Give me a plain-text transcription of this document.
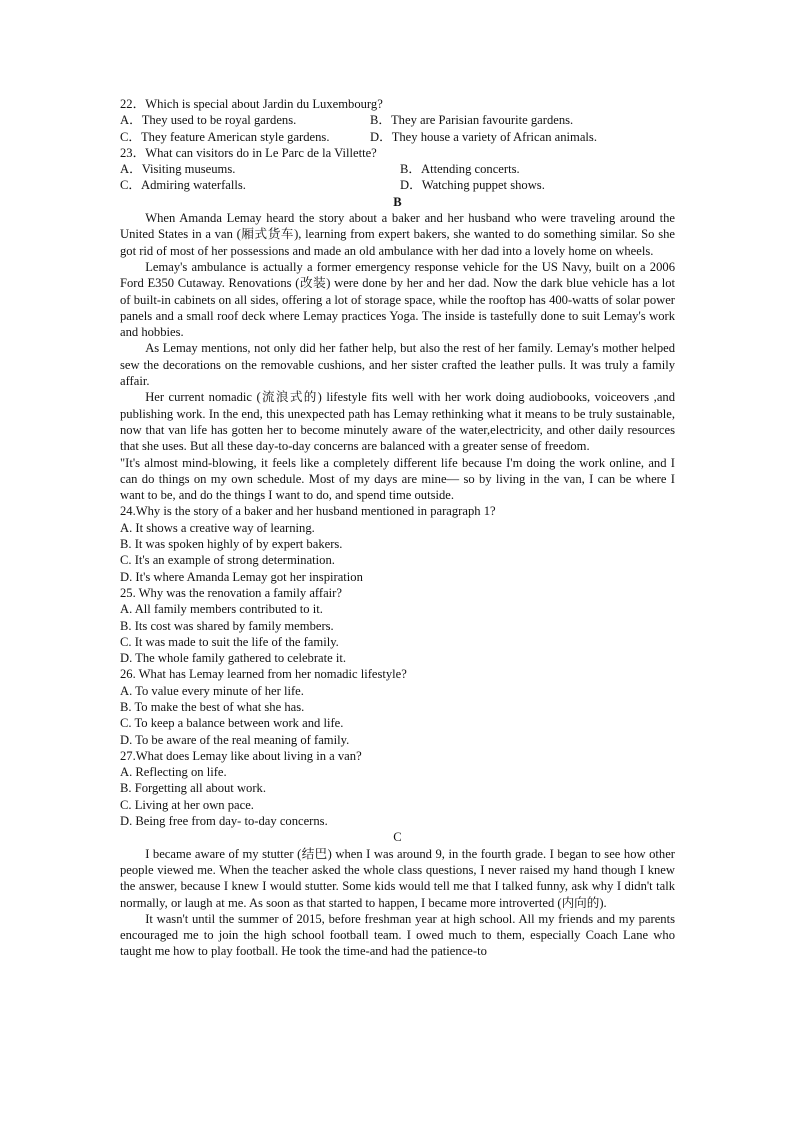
22．Which is special about Jardin du Luxembourg?

A．They used to be royal gardens.	B．They are Parisian favourite gardens.
C．They feature American style gardens.	D．They house a variety of African animals.

23．What can visitors do in Le Parc de la Villette?

A．Visiting museums.	B．Attending concerts.
C．Admiring waterfalls.	D．Watching puppet shows.

B

When Amanda Lemay heard the story about a baker and her husband who were traveling around the United States in a van (厢式货车), learning from expert bakers, she wanted to do something similar. So she got rid of most of her possessions and made an old ambulance with her dad into a lovely home on wheels.

Lemay's ambulance is actually a former emergency response vehicle for the US Navy, built on a 2006 Ford E350 Cutaway. Renovations (改装) were done by her and her dad. Now the dark blue vehicle has a lot of built-in cabinets on all sides, offering a lot of storage space, while the rooftop has 400-watts of solar power panels and a small roof deck where Lemay practices Yoga. The inside is tastefully done to suit Lemay's work and hobbies.

As Lemay mentions, not only did her father help, but also the rest of her family. Lemay's mother helped sew the decorations on the removable cushions, and her sister crafted the leather pulls. It was truly a family affair.

Her current nomadic (流浪式的) lifestyle fits well with her work doing audiobooks, voiceovers ,and publishing work. In the end, this unexpected path has Lemay rethinking what it means to be truly sustainable, now that van life has gotten her to become minutely aware of the water,electricity, and other daily resources that she uses. But all these day-to-day concerns are balanced with a greater sense of freedom.

"It's almost mind-blowing, it feels like a completely different life because I'm doing the work online, and I can do things on my own schedule. Most of my days are mine— so by living in the van, I can be where I want to be, and do the things I want to do, and spend time outside.

24.Why is the story of a baker and her husband mentioned in paragraph 1?

A. It shows a creative way of learning.

B. It was spoken highly of by expert bakers.

C. It's an example of strong determination.

D. It's where Amanda Lemay got her inspiration

25. Why was the renovation a family affair?

A. All family members contributed to it.

B. Its cost was shared by family members.

C. It was made to suit the life of the family.

D. The whole family gathered to celebrate it.

26. What has Lemay learned from her nomadic lifestyle?

A. To value every minute of her life.

B. To make the best of what she has.

C. To keep a balance between work and life.

D. To be aware of the real meaning of family.

27.What does Lemay like about living in a van?

A. Reflecting on life.

B. Forgetting all about work.

C. Living at her own pace.

D. Being free from day- to-day concerns.

C

I became aware of my stutter (结巴) when I was around 9, in the fourth grade. I began to see how other people viewed me. When the teacher asked the whole class questions, I never raised my hand though I knew the answer, because I knew I would stutter. Some kids would tell me that I talked funny, ask why I didn't talk normally, or laugh at me. As soon as that started to happen, I became more introverted (内向的).

It wasn't until the summer of 2015, before freshman year at high school. All my friends and my parents encouraged me to join the high school football team. I owed much to them, especially Coach Lane who taught me how to play football. He took the time-and had the patience-to
